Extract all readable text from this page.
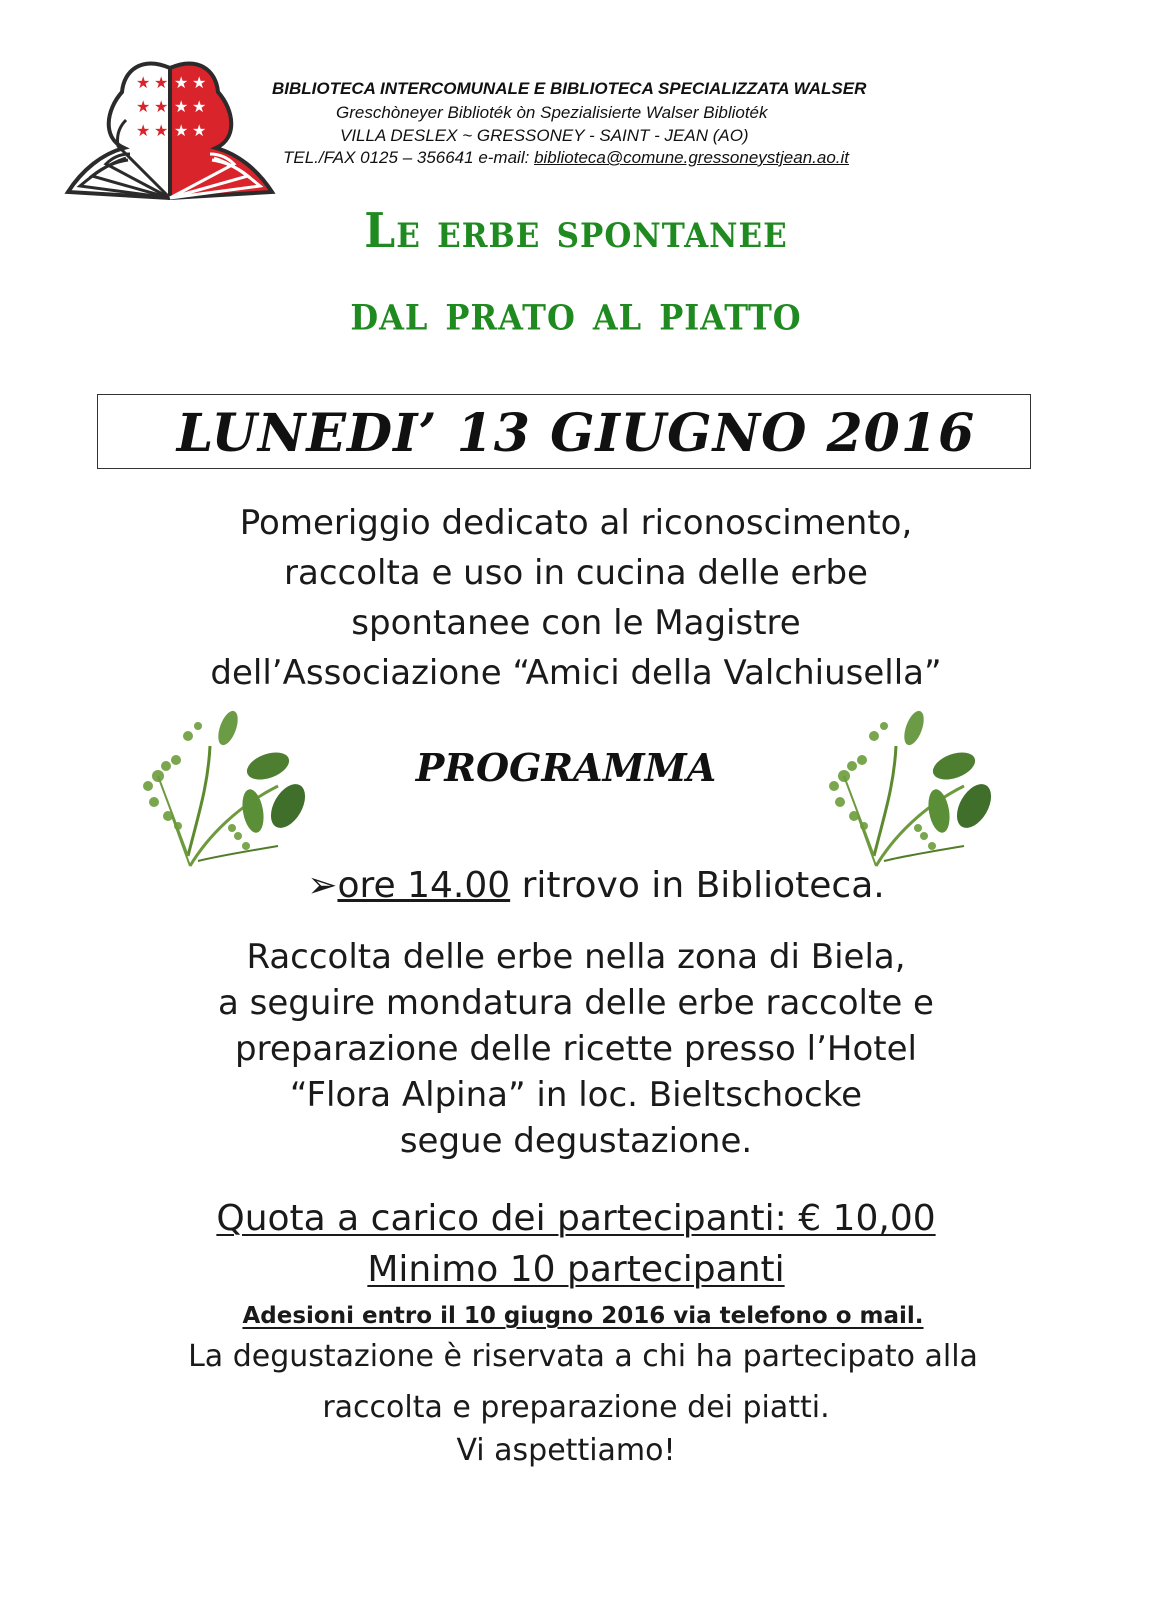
★ ★
★ ★
★ ★
★ ★
★ ★
★ ★
BIBLIOTECA INTERCOMUNALE E BIBLIOTECA SPECIALIZZATA WALSER
Greschòneyer Biblioték òn Spezialisierte Walser Biblioték
VILLA DESLEX ~ GRESSONEY - SAINT - JEAN (AO)
TEL./FAX 0125 – 356641 e-mail: biblioteca@comune.gressoneystjean.ao.it
Le erbe spontanee
dal prato al piatto
LUNEDI’ 13 GIUGNO 2016
Pomeriggio dedicato al riconoscimento,
raccolta e uso in cucina delle erbe
spontanee con le Magistre
dell’Associazione “Amici della Valchiusella”
PROGRAMMA
➢ore 14.00 ritrovo in Biblioteca.
Raccolta delle erbe nella zona di Biela,
a seguire mondatura delle erbe raccolte e
preparazione delle ricette presso l’Hotel
“Flora Alpina” in loc. Bieltschocke
segue degustazione.
Quota a carico dei partecipanti: € 10,00
Minimo 10 partecipanti
Adesioni entro il 10 giugno 2016 via telefono o mail.
La degustazione è riservata a chi ha partecipato alla
raccolta e preparazione dei piatti.
Vi aspettiamo!
